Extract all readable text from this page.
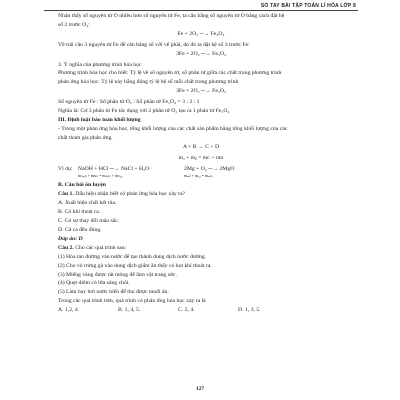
SỔ TAY BÀI TẬP TOÁN LÍ HÓA LỚP 8

Nhận thấy số nguyên tử O nhiều hơn số nguyên tử Fe, ta cân bằng số nguyên tử O bằng cách đặt hệ

số 2 trước O₂:

Fe + 2O₂ ─→ Fe₃O₄

Về trái cần 3 nguyên tử Fe để cân bằng số với vế phải, do đó ta đặt hệ số 3 trước Fe:

3Fe + 2O₂ ─→ Fe₃O₄

3. Ý nghĩa của phương trình hóa học

Phương trình hóa học cho biết: Tỷ lệ về số nguyên tử, số phân tử giữa các chất trong phương trình

phản ứng hóa học. Tỷ lệ này bằng đúng tỷ lệ hệ số mỗi chất trong phương trình

3Fe + 2O₂ ─→ Fe₃O₄

Số nguyên tử Fe : Số phân tử O₂ : Số phân tử Fe₃O₄ = 3 : 2 : 1

Nghĩa là: Cứ 3 phân tử Fe tác dụng với 2 phân tử O₂ tạo ra 1 phân tử Fe₃O₄

III. Định luật bảo toàn khối lượng

- Trong một phản ứng hóa học, tổng khối lượng của các chất sản phẩm bằng tổng khối lượng của các

chất tham gia phản ứng.

A + B → C + D

mₐ + mᵦ = mᴄ + mᴅ

Ví dụ: NaOH + HCl ─→ NaCl + H₂O	2Mg + O₂ ─→ 2MgO
mₙₐₒₕ + mₕᴄₗ = mₙₐᴄₗ + mₕ₂ₒ	mₘᵍ + mₒ₂ = mₘᵍₒ

B. Câu hỏi ôn luyện

Câu 1. Dấu hiệu nhận biết có phản ứng hóa học xảy ra?

A. Xuất hiện chất kết tủa.

B. Có khí thoát ra.

C. Có sự thay đổi màu sắc.

D. Cả ca đều đúng.

Đáp án: D

Câu 2. Cho các quá trình sau:

(1) Hòa tan đường vào nước để tạo thành dung dịch nước đường.

(2) Cho vỏ trứng gà vào dung dịch giấm ăn thấy có bọt khí thoát ra.

(3) Miếng vàng được rát mỏng để làm vật trang sức.

(4) Quẹt diêm có lửa sáng chói.

(5) Làm bay hơi nước biển để thu được muối ăn.

Trong các quá trình trên, quá trình có phản ứng hóa học xảy ra là

A. 1,2, 4.	B. 1, 4, 5.	C. 2, 4.	D. 1, 3, 5.
127
